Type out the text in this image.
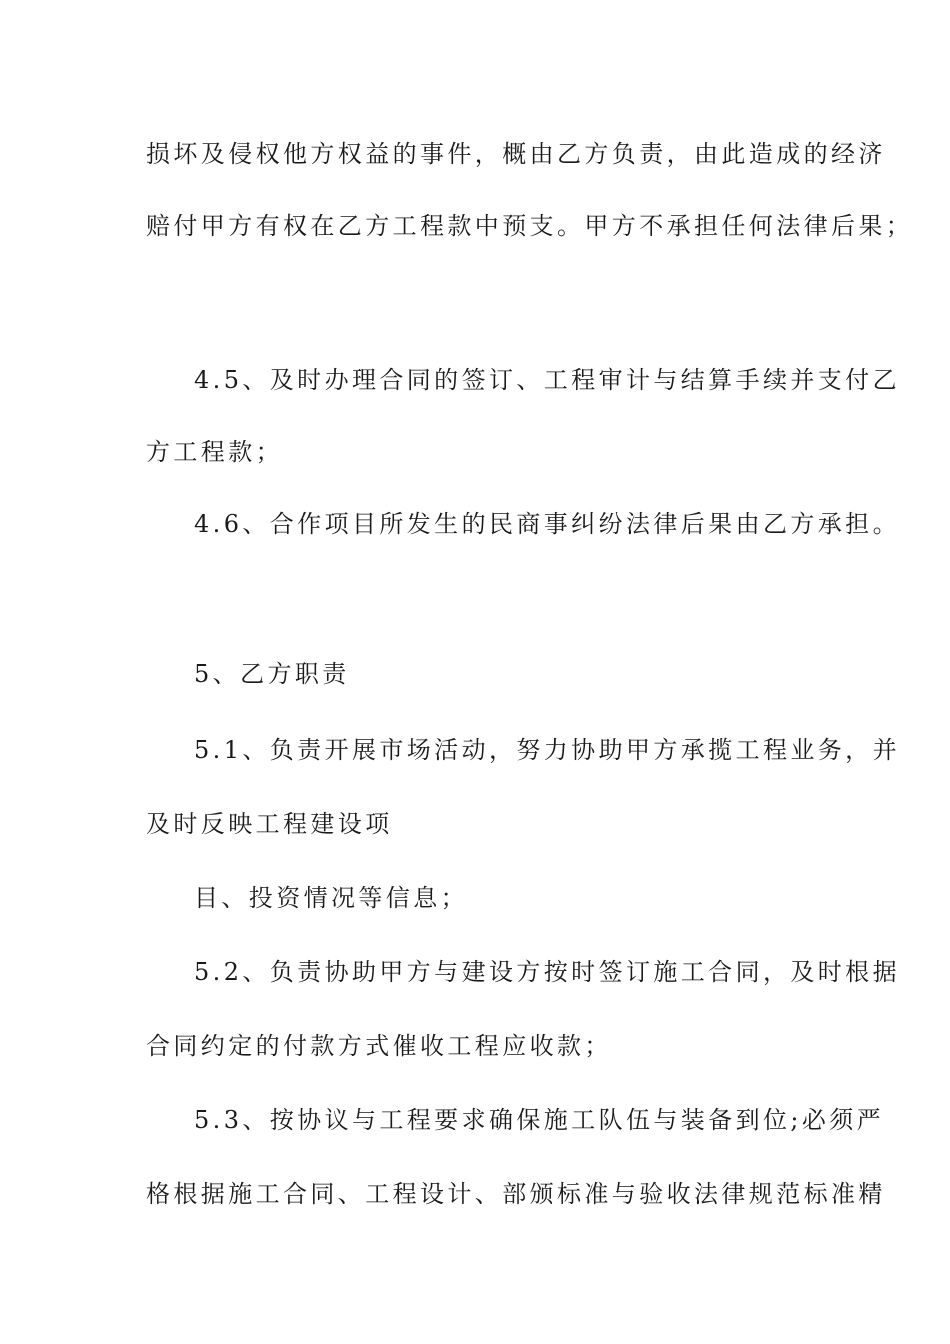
损坏及侵权他方权益的事件，概由乙方负责，由此造成的经济
赔付甲方有权在乙方工程款中预支。甲方不承担任何法律后果；
4.5、及时办理合同的签订、工程审计与结算手续并支付乙
方工程款；
4.6、合作项目所发生的民商事纠纷法律后果由乙方承担。
5、乙方职责
5.1、负责开展市场活动，努力协助甲方承揽工程业务，并
及时反映工程建设项
目、投资情况等信息；
5.2、负责协助甲方与建设方按时签订施工合同，及时根据
合同约定的付款方式催收工程应收款；
5.3、按协议与工程要求确保施工队伍与装备到位;必须严
格根据施工合同、工程设计、部颁标准与验收法律规范标准精
